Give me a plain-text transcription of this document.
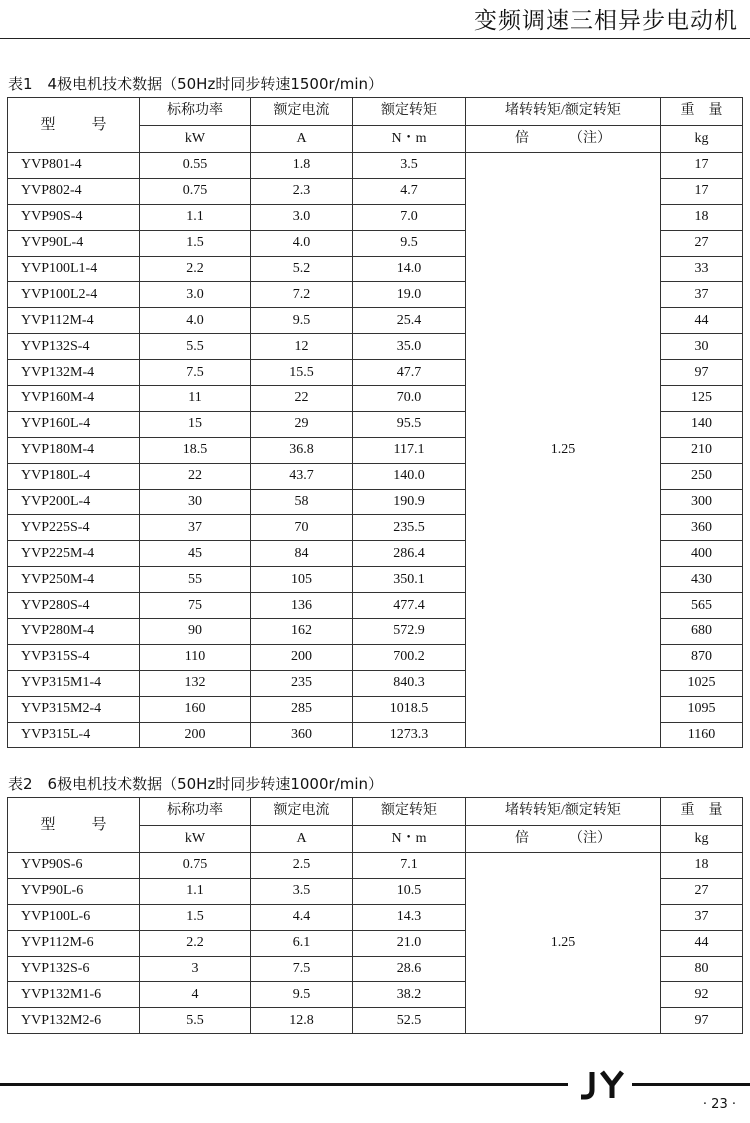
变频调速三相异步电动机
表1　4极电机技术数据（50Hz时同步转速1500r/min）
型 号	标称功率	额定电流	额定转矩	堵转转矩/额定转矩	重　量
	kW	A	N・m	倍 （注）	kg
YVP801-4	0.55	1.8	3.5	1.25	17
YVP802-4	0.75	2.3	4.7		17
YVP90S-4	1.1	3.0	7.0		18
YVP90L-4	1.5	4.0	9.5		27
YVP100L1-4	2.2	5.2	14.0		33
YVP100L2-4	3.0	7.2	19.0		37
YVP112M-4	4.0	9.5	25.4		44
YVP132S-4	5.5	12	35.0		30
YVP132M-4	7.5	15.5	47.7		97
YVP160M-4	11	22	70.0		125
YVP160L-4	15	29	95.5		140
YVP180M-4	18.5	36.8	117.1		210
YVP180L-4	22	43.7	140.0		250
YVP200L-4	30	58	190.9		300
YVP225S-4	37	70	235.5		360
YVP225M-4	45	84	286.4		400
YVP250M-4	55	105	350.1		430
YVP280S-4	75	136	477.4		565
YVP280M-4	90	162	572.9		680
YVP315S-4	110	200	700.2		870
YVP315M1-4	132	235	840.3		1025
YVP315M2-4	160	285	1018.5		1095
YVP315L-4	200	360	1273.3		1160
表2　6极电机技术数据（50Hz时同步转速1000r/min）
型 号	标称功率	额定电流	额定转矩	堵转转矩/额定转矩	重　量
	kW	A	N・m	倍 （注）	kg
YVP90S-6	0.75	2.5	7.1	1.25	18
YVP90L-6	1.1	3.5	10.5		27
YVP100L-6	1.5	4.4	14.3		37
YVP112M-6	2.2	6.1	21.0		44
YVP132S-6	3	7.5	28.6		80
YVP132M1-6	4	9.5	38.2		92
YVP132M2-6	5.5	12.8	52.5		97
· 23 ·
